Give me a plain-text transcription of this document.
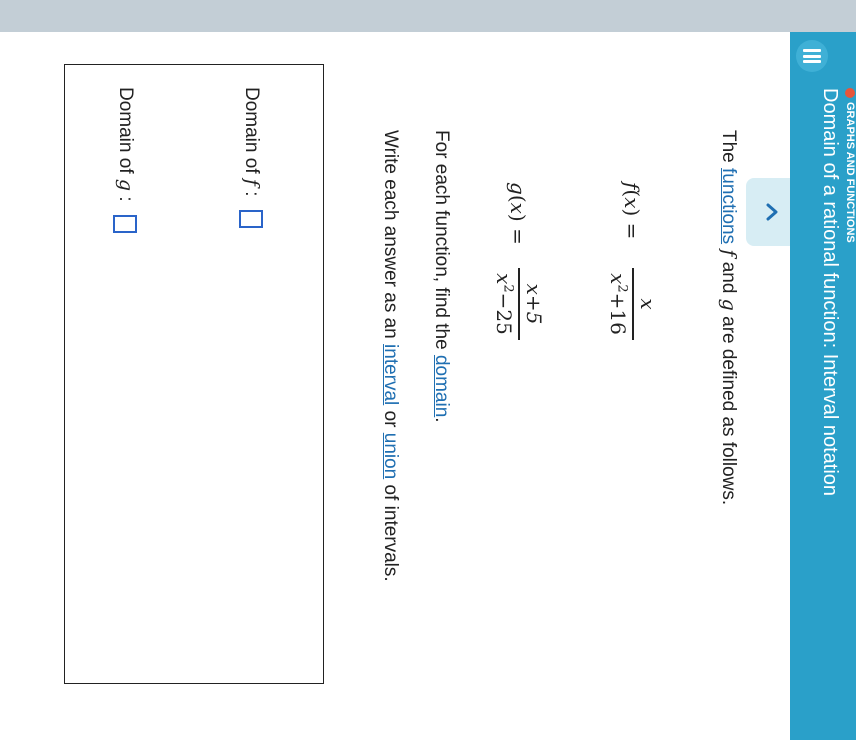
GRAPHS AND FUNCTIONS
Domain of a rational function: Interval notation
The functions f and g are defined as follows.
f(x) =
x
$x^2+16$
g(x) =
x+5
$x^2-25$
For each function, find the domain.
Write each answer as an interval or union of intervals.
Domain of f :
Domain of g :
